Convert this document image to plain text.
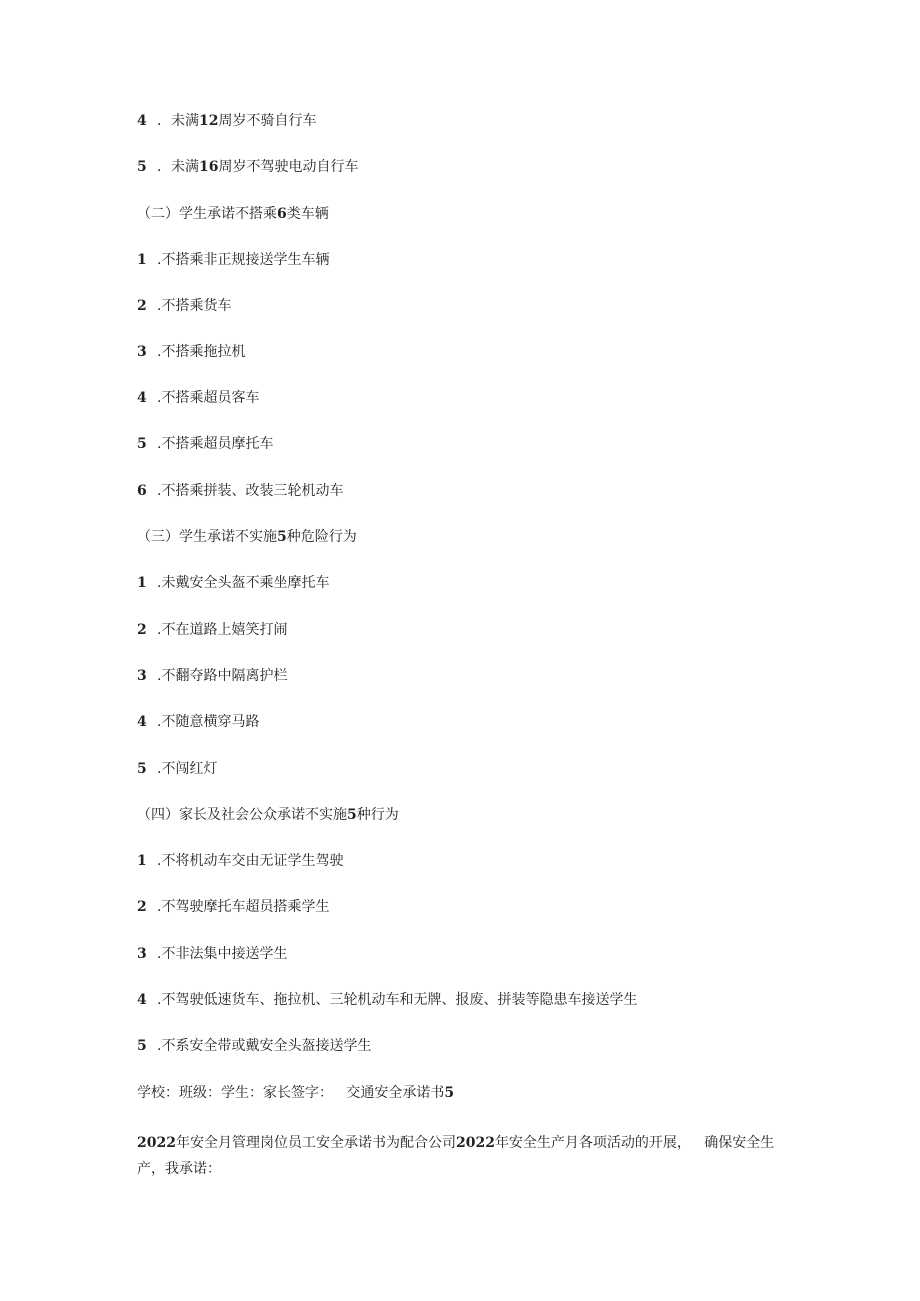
4 ．未满12周岁不骑自行车
5 ．未满16周岁不驾驶电动自行车
（二）学生承诺不搭乘6类车辆
1 .不搭乘非正规接送学生车辆
2 .不搭乘货车
3 .不搭乘拖拉机
4 .不搭乘超员客车
5 .不搭乘超员摩托车
6 .不搭乘拼装、改装三轮机动车
（三）学生承诺不实施5种危险行为
1 .未戴安全头盔不乘坐摩托车
2 .不在道路上嬉笑打闹
3 .不翻夺路中隔离护栏
4 .不随意横穿马路
5 .不闯红灯
（四）家长及社会公众承诺不实施5种行为
1 .不将机动车交由无证学生驾驶
2 .不驾驶摩托车超员搭乘学生
3 .不非法集中接送学生
4 .不驾驶低速货车、拖拉机、三轮机动车和无牌、报废、拼装等隐患车接送学生
5 .不系安全带或戴安全头盔接送学生
学校：班级：学生：家长签字：   交通安全承诺书5
2022年安全月管理岗位员工安全承诺书为配合公司2022年安全生产月各项活动的开展，   确保安全生产，我承诺：
